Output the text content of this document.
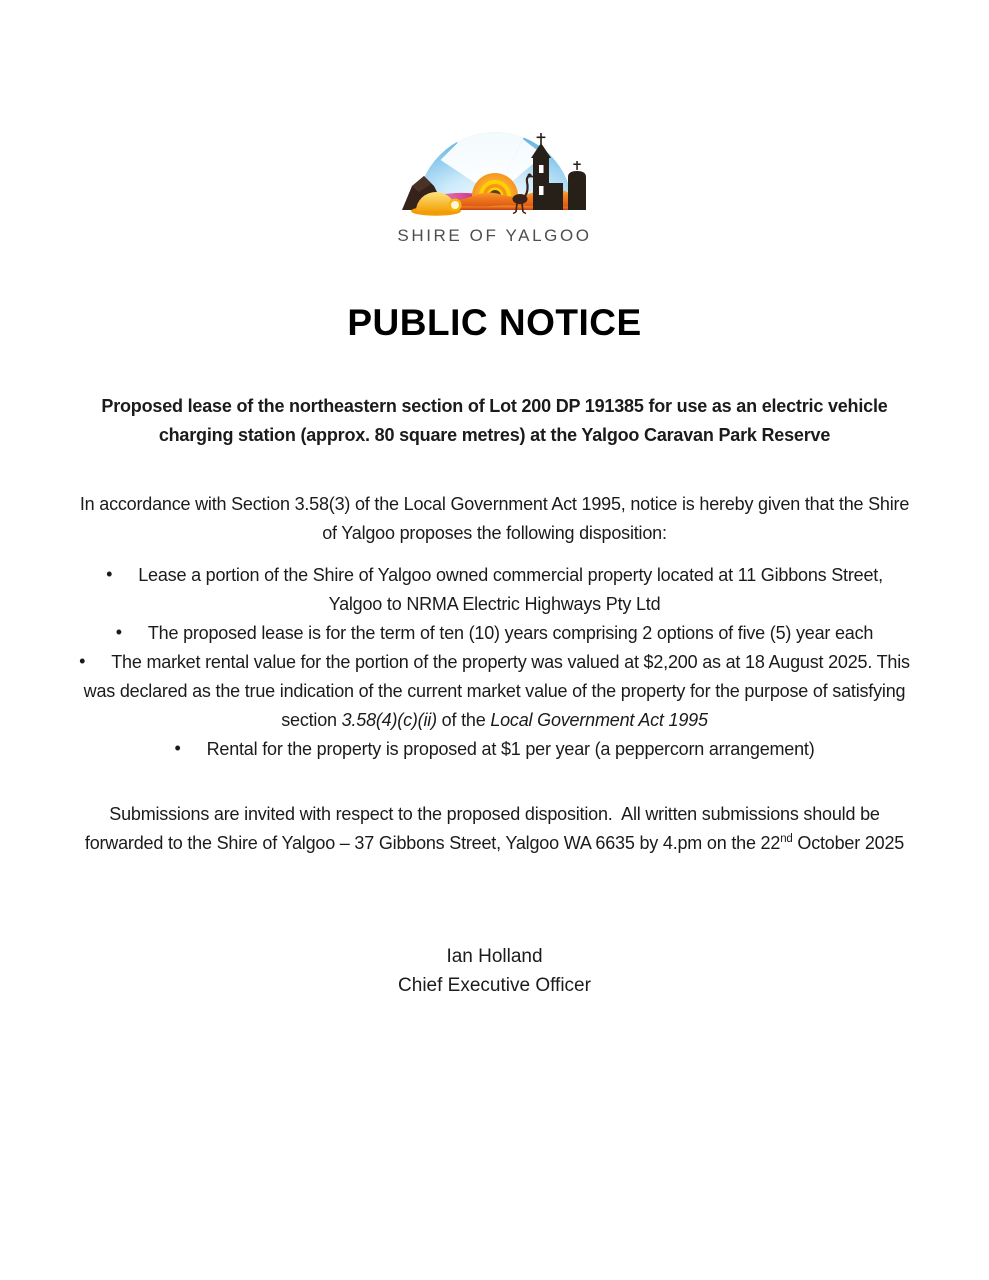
SHIRE OF YALGOO
PUBLIC NOTICE
Proposed lease of the northeastern section of Lot 200 DP 191385 for use as an electric vehicle charging station (approx. 80 square metres) at the Yalgoo Caravan Park Reserve
In accordance with Section 3.58(3) of the Local Government Act 1995, notice is hereby given that the Shire of Yalgoo proposes the following disposition:
• Lease a portion of the Shire of Yalgoo owned commercial property located at 11 Gibbons Street, Yalgoo to NRMA Electric Highways Pty Ltd
• The proposed lease is for the term of ten (10) years comprising 2 options of five (5) year each
• The market rental value for the portion of the property was valued at $2,200 as at 18 August 2025. This was declared as the true indication of the current market value of the property for the purpose of satisfying section 3.58(4)(c)(ii) of the Local Government Act 1995
• Rental for the property is proposed at $1 per year (a peppercorn arrangement)
Submissions are invited with respect to the proposed disposition.  All written submissions should be forwarded to the Shire of Yalgoo – 37 Gibbons Street, Yalgoo WA 6635 by 4.pm on the 22nd October 2025
Ian Holland
Chief Executive Officer
